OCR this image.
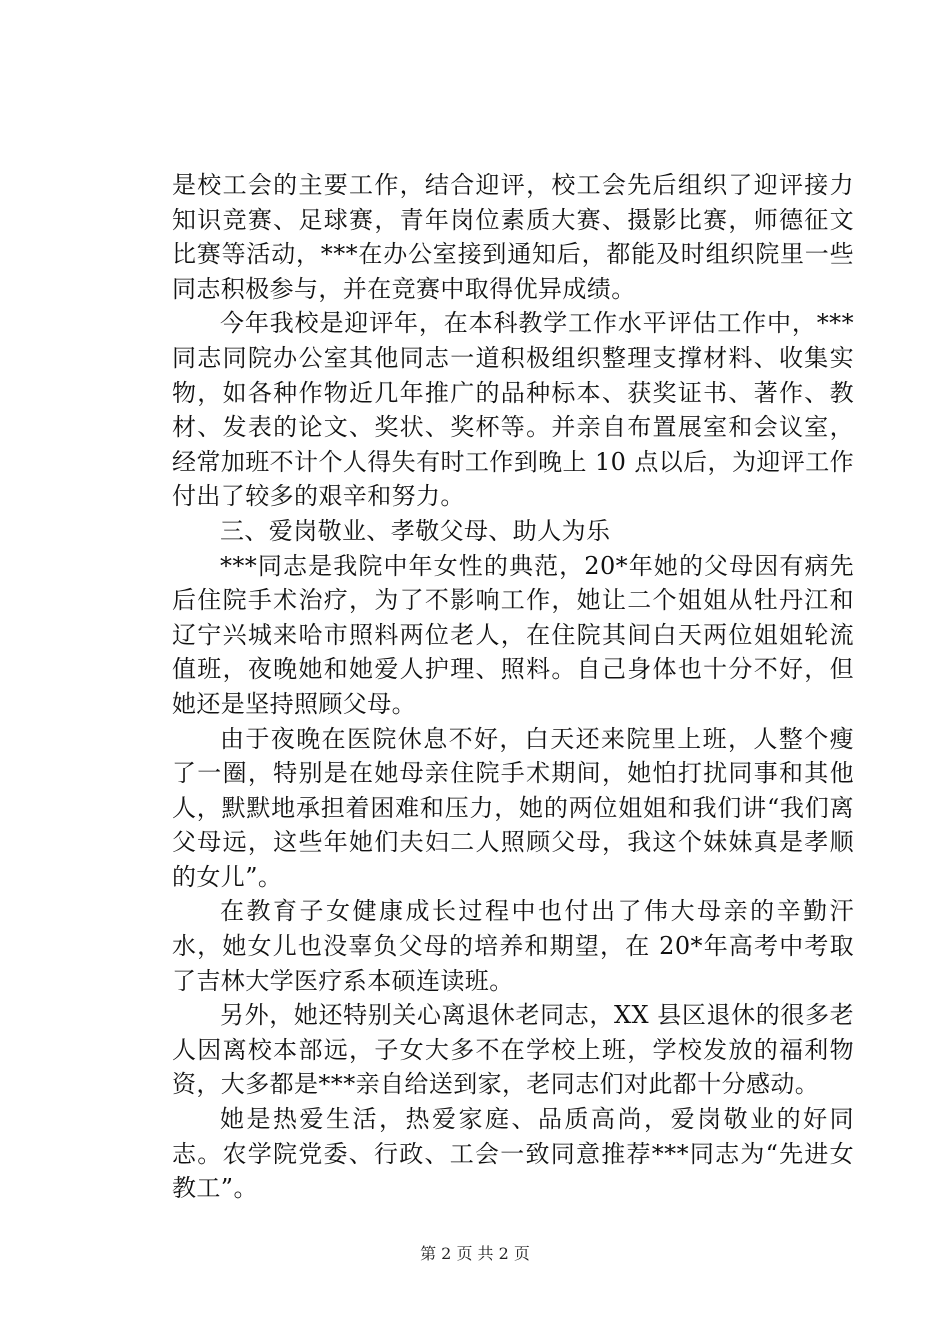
是校工会的主要工作，结合迎评，校工会先后组织了迎评接力知识竞赛、足球赛，青年岗位素质大赛、摄影比赛，师德征文比赛等活动，***在办公室接到通知后，都能及时组织院里一些同志积极参与，并在竞赛中取得优异成绩。

今年我校是迎评年，在本科教学工作水平评估工作中，***同志同院办公室其他同志一道积极组织整理支撑材料、收集实物，如各种作物近几年推广的品种标本、获奖证书、著作、教材、发表的论文、奖状、奖杯等。并亲自布置展室和会议室，经常加班不计个人得失有时工作到晚上 10 点以后，为迎评工作付出了较多的艰辛和努力。

三、爱岗敬业、孝敬父母、助人为乐

***同志是我院中年女性的典范，20*年她的父母因有病先后住院手术治疗，为了不影响工作，她让二个姐姐从牡丹江和辽宁兴城来哈市照料两位老人，在住院其间白天两位姐姐轮流值班，夜晚她和她爱人护理、照料。自己身体也十分不好，但她还是坚持照顾父母。

由于夜晚在医院休息不好，白天还来院里上班，人整个瘦了一圈，特别是在她母亲住院手术期间，她怕打扰同事和其他人，默默地承担着困难和压力，她的两位姐姐和我们讲“我们离父母远，这些年她们夫妇二人照顾父母，我这个妹妹真是孝顺的女儿”。

在教育子女健康成长过程中也付出了伟大母亲的辛勤汗水，她女儿也没辜负父母的培养和期望，在 20*年高考中考取了吉林大学医疗系本硕连读班。

另外，她还特别关心离退休老同志，XX 县区退休的很多老人因离校本部远，子女大多不在学校上班，学校发放的福利物资，大多都是***亲自给送到家，老同志们对此都十分感动。

她是热爱生活，热爱家庭、品质高尚，爱岗敬业的好同志。农学院党委、行政、工会一致同意推荐***同志为“先进女教工”。

第 2 页 共 2 页
